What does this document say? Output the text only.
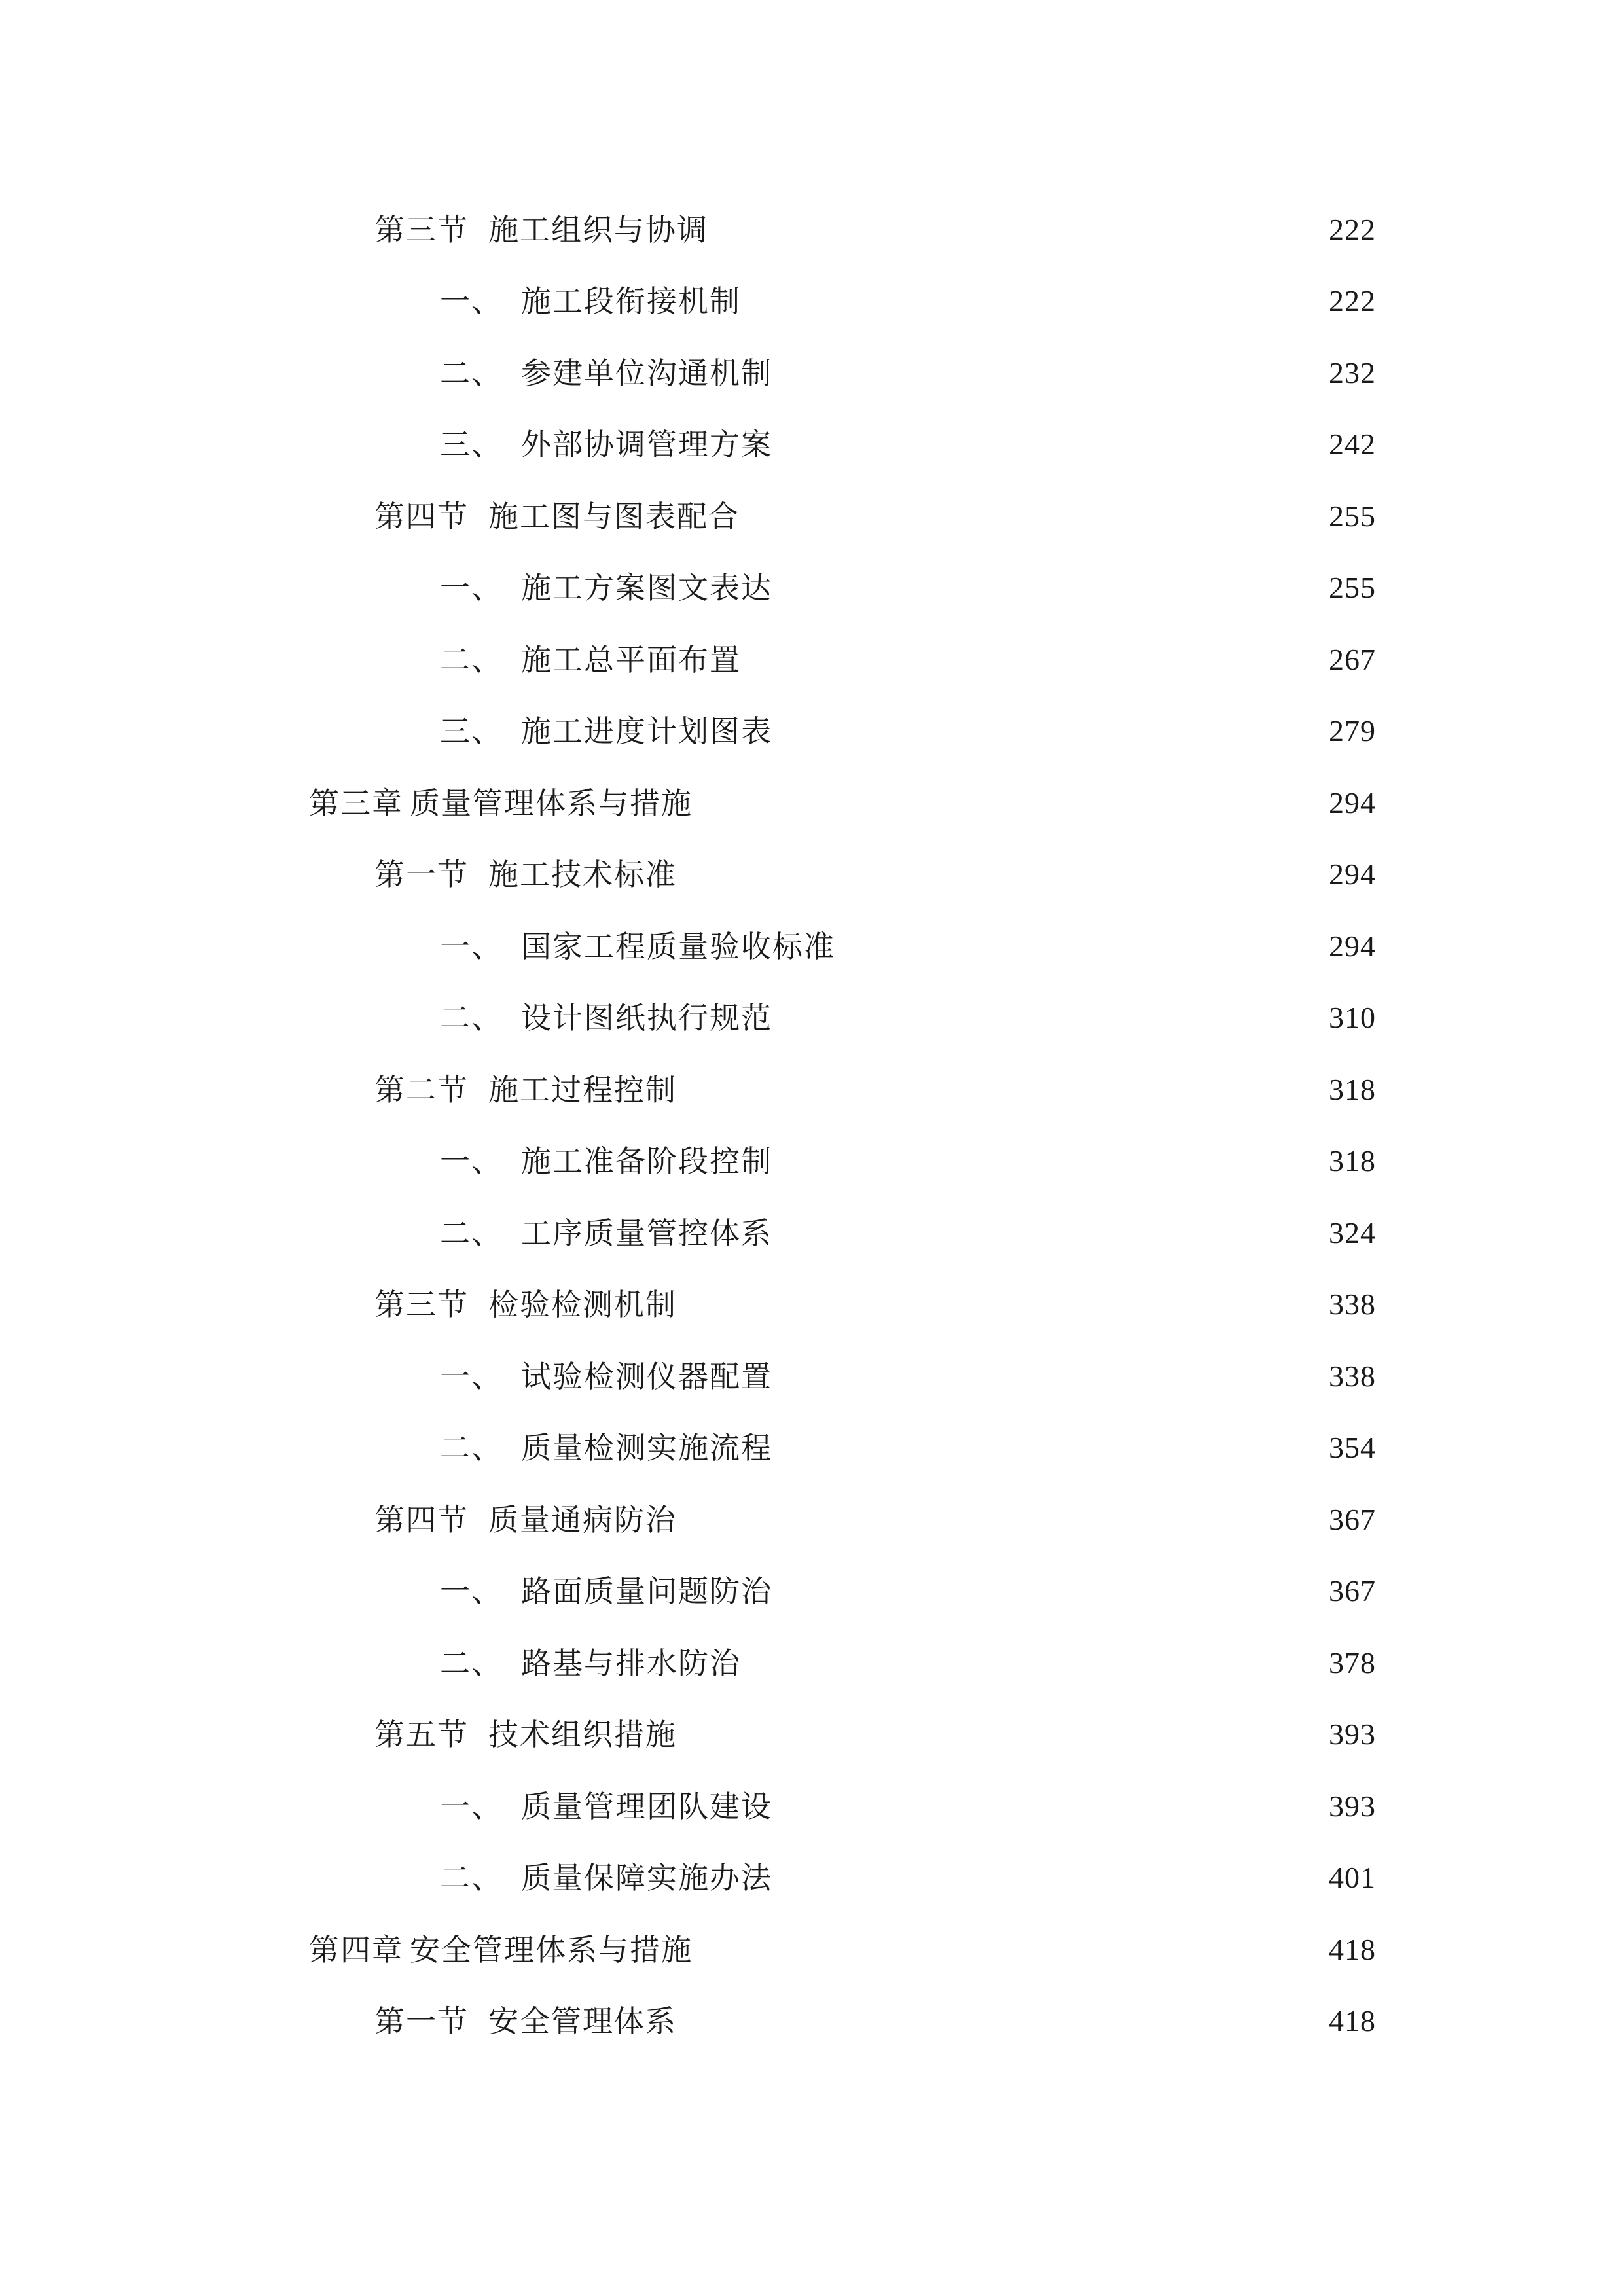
第三节 施工组织与协调	222
一、 施工段衔接机制	222
二、 参建单位沟通机制	232
三、 外部协调管理方案	242
第四节 施工图与图表配合	255
一、 施工方案图文表达	255
二、 施工总平面布置	267
三、 施工进度计划图表	279
第三章 质量管理体系与措施	294
第一节 施工技术标准	294
一、 国家工程质量验收标准	294
二、 设计图纸执行规范	310
第二节 施工过程控制	318
一、 施工准备阶段控制	318
二、 工序质量管控体系	324
第三节 检验检测机制	338
一、 试验检测仪器配置	338
二、 质量检测实施流程	354
第四节 质量通病防治	367
一、 路面质量问题防治	367
二、 路基与排水防治	378
第五节 技术组织措施	393
一、 质量管理团队建设	393
二、 质量保障实施办法	401
第四章 安全管理体系与措施	418
第一节 安全管理体系	418
